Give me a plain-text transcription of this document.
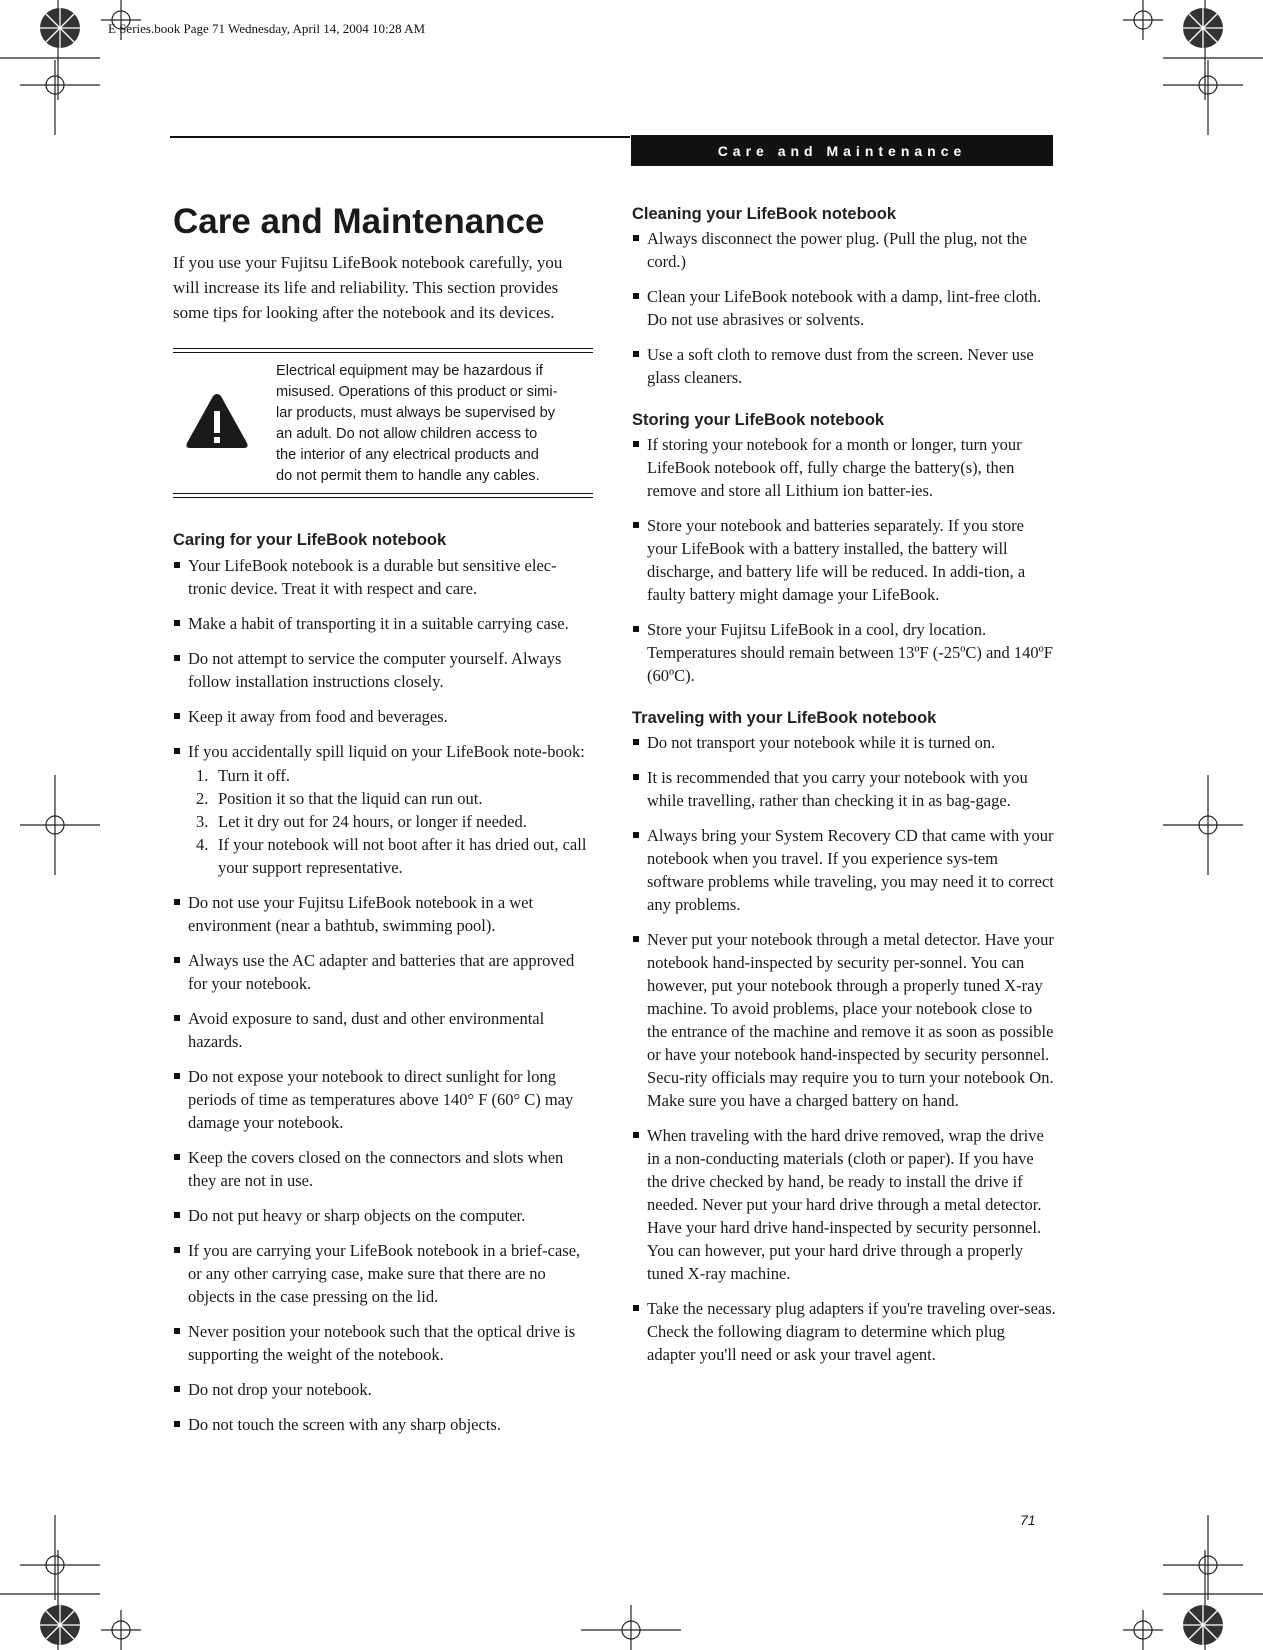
E Series.book Page 71 Wednesday, April 14, 2004 10:28 AM
Care and Maintenance
Care and Maintenance

If you use your Fujitsu LifeBook notebook carefully, you will increase its life and reliability. This section provides some tips for looking after the notebook and its devices.

Electrical equipment may be hazardous if
misused. Operations of this product or simi-
lar products, must always be supervised by
an adult. Do not allow children access to
the interior of any electrical products and
do not permit them to handle any cables.
Caring for your LifeBook notebook
Your LifeBook notebook is a durable but sensitive elec-tronic device. Treat it with respect and care.
Make a habit of transporting it in a suitable carrying case.
Do not attempt to service the computer yourself. Always follow installation instructions closely.
Keep it away from food and beverages.
If you accidentally spill liquid on your LifeBook note-book:
1. Turn it off.
2. Position it so that the liquid can run out.
3. Let it dry out for 24 hours, or longer if needed.
4. If your notebook will not boot after it has dried out, call your support representative.
Do not use your Fujitsu LifeBook notebook in a wet environment (near a bathtub, swimming pool).
Always use the AC adapter and batteries that are approved for your notebook.
Avoid exposure to sand, dust and other environmental hazards.
Do not expose your notebook to direct sunlight for long periods of time as temperatures above 140° F (60° C) may damage your notebook.
Keep the covers closed on the connectors and slots when they are not in use.
Do not put heavy or sharp objects on the computer.
If you are carrying your LifeBook notebook in a brief-case, or any other carrying case, make sure that there are no objects in the case pressing on the lid.
Never position your notebook such that the optical drive is supporting the weight of the notebook.
Do not drop your notebook.
Do not touch the screen with any sharp objects.
Cleaning your LifeBook notebook
Always disconnect the power plug. (Pull the plug, not the cord.)
Clean your LifeBook notebook with a damp, lint-free cloth. Do not use abrasives or solvents.
Use a soft cloth to remove dust from the screen. Never use glass cleaners.
Storing your LifeBook notebook
If storing your notebook for a month or longer, turn your LifeBook notebook off, fully charge the battery(s), then remove and store all Lithium ion batter-ies.
Store your notebook and batteries separately. If you store your LifeBook with a battery installed, the battery will discharge, and battery life will be reduced. In addi-tion, a faulty battery might damage your LifeBook.
Store your Fujitsu LifeBook in a cool, dry location. Temperatures should remain between 13ºF (-25ºC) and 140ºF (60ºC).
Traveling with your LifeBook notebook
Do not transport your notebook while it is turned on.
It is recommended that you carry your notebook with you while travelling, rather than checking it in as bag-gage.
Always bring your System Recovery CD that came with your notebook when you travel. If you experience sys-tem software problems while traveling, you may need it to correct any problems.
Never put your notebook through a metal detector. Have your notebook hand-inspected by security per-sonnel. You can however, put your notebook through a properly tuned X-ray machine. To avoid problems, place your notebook close to the entrance of the machine and remove it as soon as possible or have your notebook hand-inspected by security personnel. Secu-rity officials may require you to turn your notebook On. Make sure you have a charged battery on hand.
When traveling with the hard drive removed, wrap the drive in a non-conducting materials (cloth or paper). If you have the drive checked by hand, be ready to install the drive if needed. Never put your hard drive through a metal detector. Have your hard drive hand-inspected by security personnel. You can however, put your hard drive through a properly tuned X-ray machine.
Take the necessary plug adapters if you're traveling over-seas. Check the following diagram to determine which plug adapter you'll need or ask your travel agent.
71
